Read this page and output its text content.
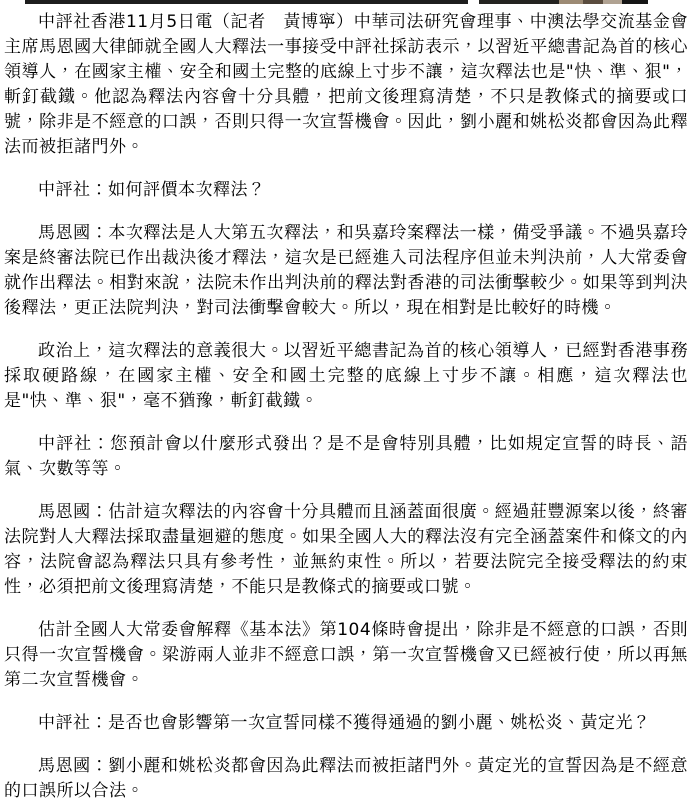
中評社香港11月5日電（記者　黃博寧）中華司法研究會理事、中澳法學交流基金會主席馬恩國大律師就全國人大釋法一事接受中評社採訪表示，以習近平總書記為首的核心領導人，在國家主權、安全和國土完整的底線上寸步不讓，這次釋法也是"快、準、狠"，斬釘截鐵。他認為釋法內容會十分具體，把前文後理寫清楚，不只是教條式的摘要或口號，除非是不經意的口誤，否則只得一次宣誓機會。因此，劉小麗和姚松炎都會因為此釋法而被拒諸門外。

中評社：如何評價本次釋法？

馬恩國：本次釋法是人大第五次釋法，和吳嘉玲案釋法一樣，備受爭議。不過吳嘉玲案是終審法院已作出裁決後才釋法，這次是已經進入司法程序但並未判決前，人大常委會就作出釋法。相對來說，法院未作出判決前的釋法對香港的司法衝擊較少。如果等到判決後釋法，更正法院判決，對司法衝擊會較大。所以，現在相對是比較好的時機。

政治上，這次釋法的意義很大。以習近平總書記為首的核心領導人，已經對香港事務採取硬路線，在國家主權、安全和國土完整的底線上寸步不讓。相應，這次釋法也是"快、準、狠"，毫不猶豫，斬釘截鐵。

中評社：您預計會以什麼形式發出？是不是會特別具體，比如規定宣誓的時長、語氣、次數等等。

馬恩國：估計這次釋法的內容會十分具體而且涵蓋面很廣。經過莊豐源案以後，終審法院對人大釋法採取盡量迴避的態度。如果全國人大的釋法沒有完全涵蓋案件和條文的內容，法院會認為釋法只具有參考性，並無約束性。所以，若要法院完全接受釋法的約束性，必須把前文後理寫清楚，不能只是教條式的摘要或口號。

估計全國人大常委會解釋《基本法》第104條時會提出，除非是不經意的口誤，否則只得一次宣誓機會。梁游兩人並非不經意口誤，第一次宣誓機會又已經被行使，所以再無第二次宣誓機會。

中評社：是否也會影響第一次宣誓同樣不獲得通過的劉小麗、姚松炎、黃定光？

馬恩國：劉小麗和姚松炎都會因為此釋法而被拒諸門外。黃定光的宣誓因為是不經意的口誤所以合法。
